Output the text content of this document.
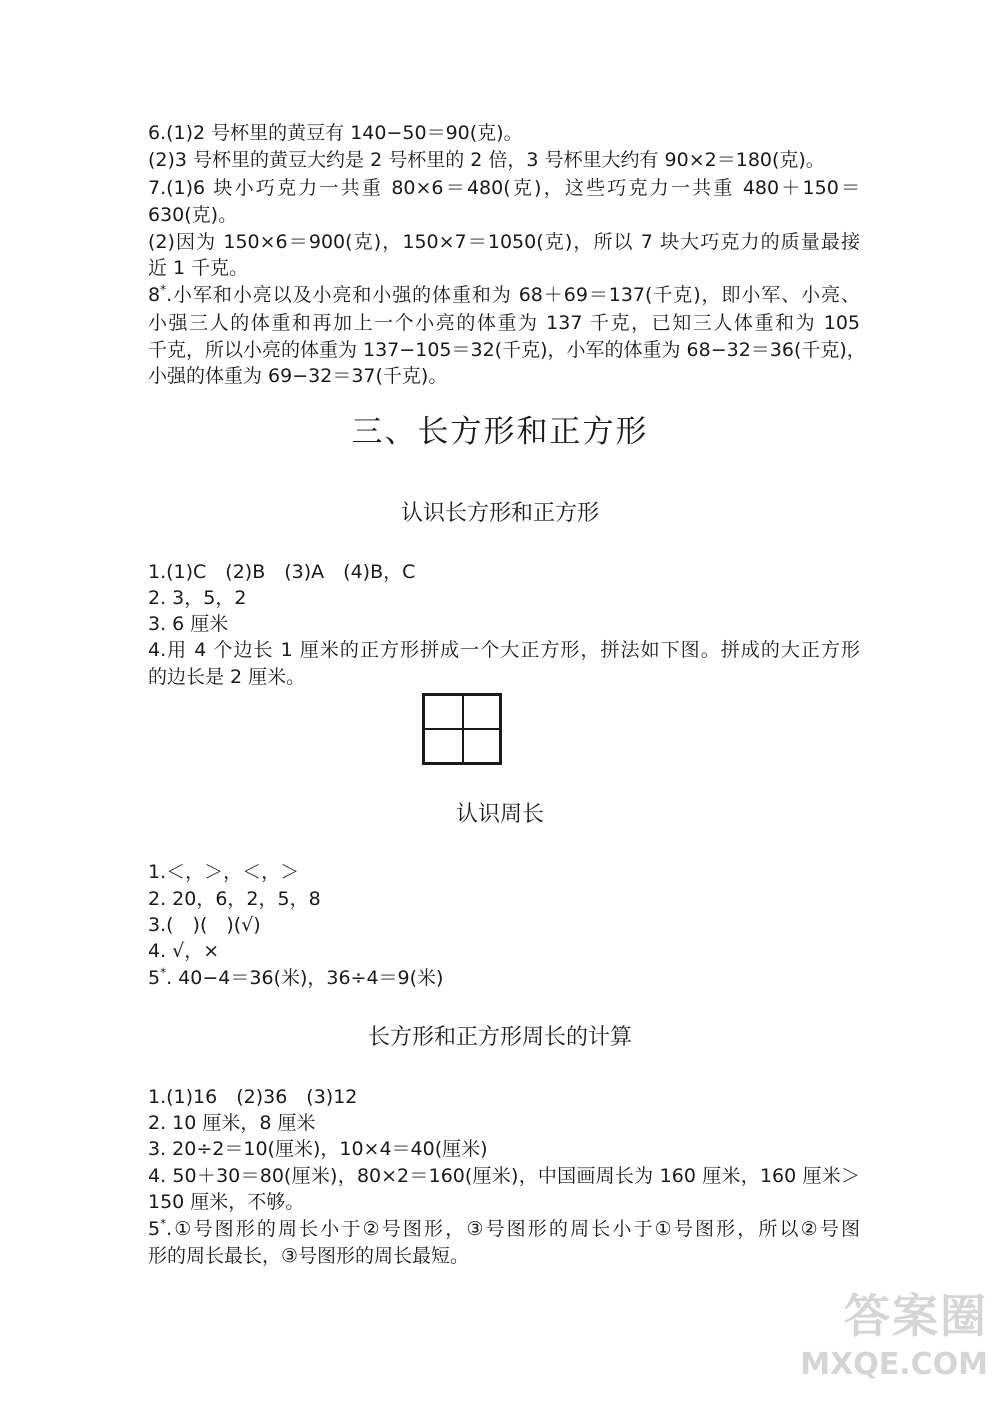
6.(1)2 号杯里的黄豆有 140−50＝90(克)。
(2)3 号杯里的黄豆大约是 2 号杯里的 2 倍，3 号杯里大约有 90×2＝180(克)。
7.(1)6 块小巧克力一共重 80×6＝480(克)，这些巧克力一共重 480＋150＝
630(克)。
(2)因为 150×6＝900(克)，150×7＝1050(克)，所以 7 块大巧克力的质量最接
近 1 千克。
8*.小军和小亮以及小亮和小强的体重和为 68＋69＝137(千克)，即小军、小亮、
小强三人的体重和再加上一个小亮的体重为 137 千克，已知三人体重和为 105
千克，所以小亮的体重为 137−105＝32(千克)，小军的体重为 68−32＝36(千克)，
小强的体重为 69−32＝37(千克)。
三、长方形和正方形
认识长方形和正方形
1.(1)C　(2)B　(3)A　(4)B，C
2. 3，5，2
3. 6 厘米
4.用 4 个边长 1 厘米的正方形拼成一个大正方形，拼法如下图。拼成的大正方形
的边长是 2 厘米。
认识周长
1.＜，＞，＜，＞
2. 20，6，2，5，8
3.(　)(　)(√)
4. √，×
5*. 40−4＝36(米)，36÷4＝9(米)
长方形和正方形周长的计算
1.(1)16　(2)36　(3)12
2. 10 厘米，8 厘米
3. 20÷2＝10(厘米)，10×4＝40(厘米)
4. 50＋30＝80(厘米)，80×2＝160(厘米)，中国画周长为 160 厘米，160 厘米＞
150 厘米，不够。
5*.①号图形的周长小于②号图形，③号图形的周长小于①号图形，所以②号图
形的周长最长，③号图形的周长最短。
答案圈
MXQE.COM
